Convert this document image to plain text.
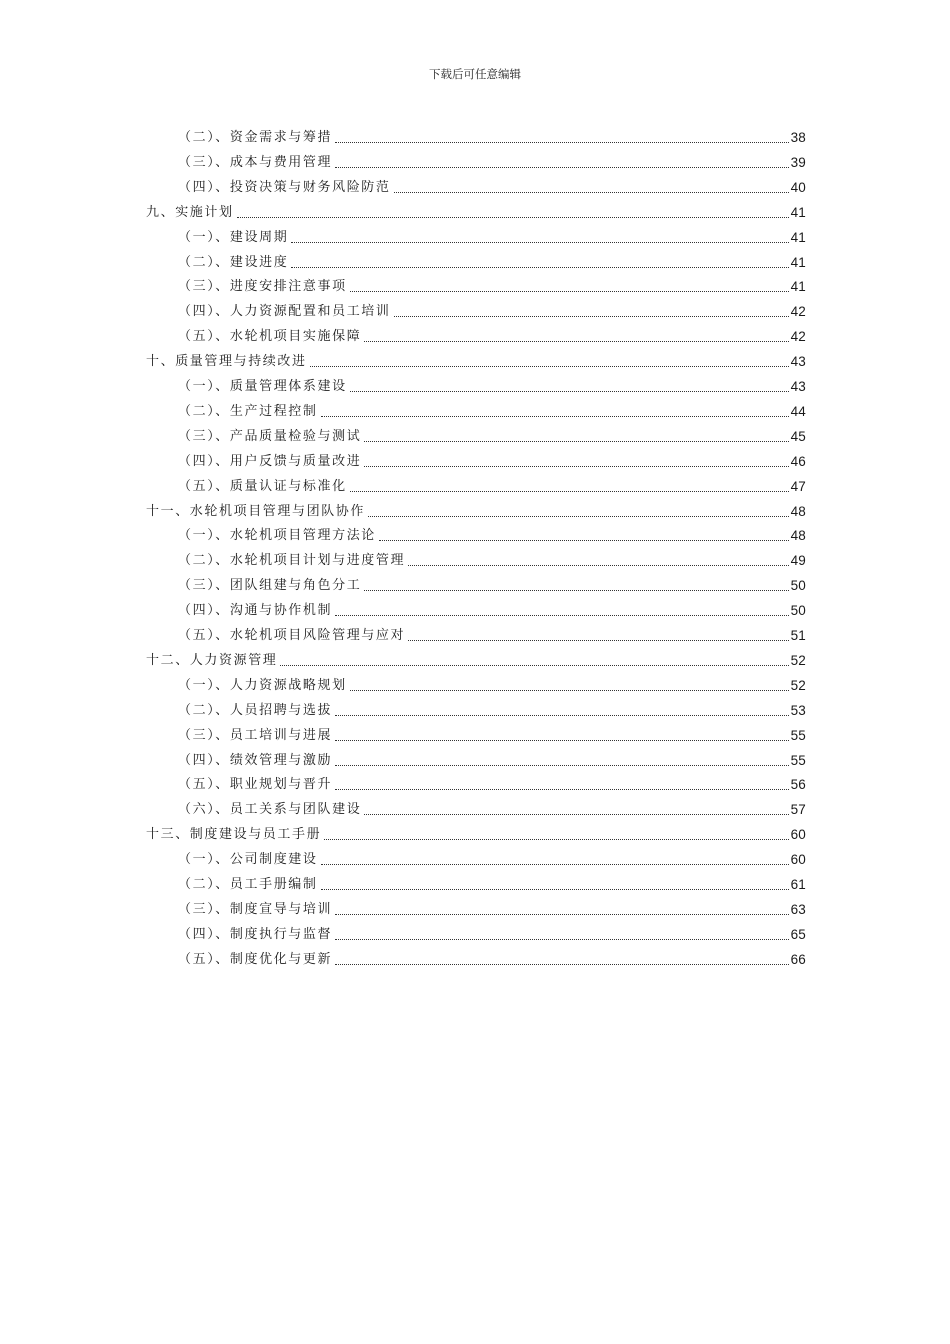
下载后可任意编辑
（二）、资金需求与筹措	38
（三）、成本与费用管理	39
（四）、投资决策与财务风险防范	40
九、实施计划	41
（一）、建设周期	41
（二）、建设进度	41
（三）、进度安排注意事项	41
（四）、人力资源配置和员工培训	42
（五）、水轮机项目实施保障	42
十、质量管理与持续改进	43
（一）、质量管理体系建设	43
（二）、生产过程控制	44
（三）、产品质量检验与测试	45
（四）、用户反馈与质量改进	46
（五）、质量认证与标准化	47
十一、水轮机项目管理与团队协作	48
（一）、水轮机项目管理方法论	48
（二）、水轮机项目计划与进度管理	49
（三）、团队组建与角色分工	50
（四）、沟通与协作机制	50
（五）、水轮机项目风险管理与应对	51
十二、人力资源管理	52
（一）、人力资源战略规划	52
（二）、人员招聘与选拔	53
（三）、员工培训与进展	55
（四）、绩效管理与激励	55
（五）、职业规划与晋升	56
（六）、员工关系与团队建设	57
十三、制度建设与员工手册	60
（一）、公司制度建设	60
（二）、员工手册编制	61
（三）、制度宣导与培训	63
（四）、制度执行与监督	65
（五）、制度优化与更新	66
